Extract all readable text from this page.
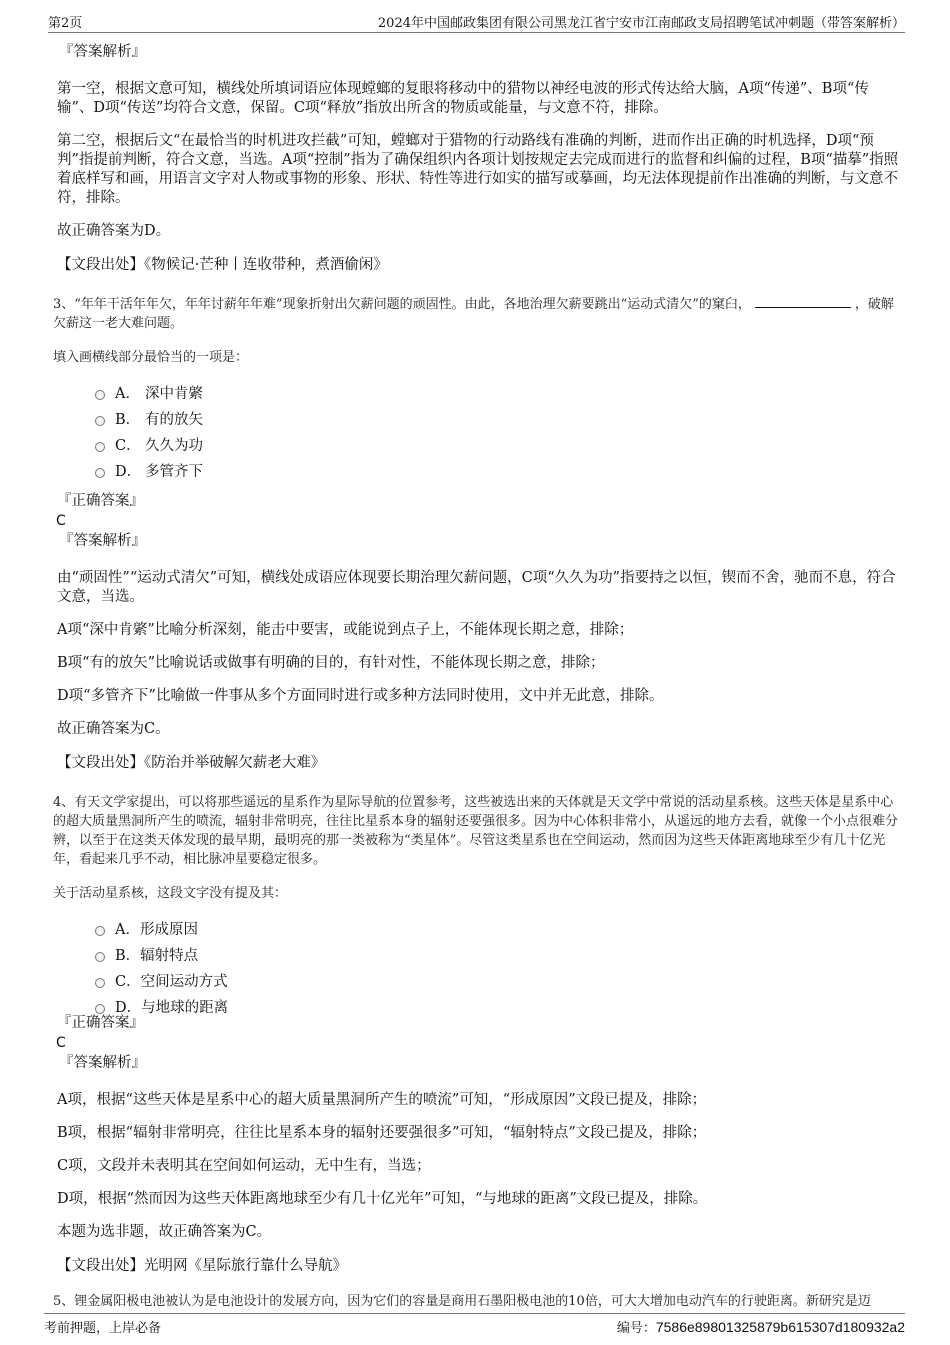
第2页	2024年中国邮政集团有限公司黑龙江省宁安市江南邮政支局招聘笔试冲刺题（带答案解析）
『答案解析』

第一空，根据文意可知，横线处所填词语应体现螳螂的复眼将移动中的猎物以神经电波的形式传达给大脑，A项“传递”、B项“传输”、D项“传送”均符合文意，保留。C项“释放”指放出所含的物质或能量，与文意不符，排除。

第二空，根据后文“在最恰当的时机进攻拦截”可知，螳螂对于猎物的行动路线有准确的判断，进而作出正确的时机选择，D项“预判”指提前判断，符合文意，当选。A项“控制”指为了确保组织内各项计划按规定去完成而进行的监督和纠偏的过程，B项“描摹”指照着底样写和画，用语言文字对人物或事物的形象、形状、特性等进行如实的描写或摹画，均无法体现提前作出准确的判断，与文意不符，排除。

故正确答案为D。

【文段出处】《物候记·芒种丨连收带种，煮酒偷闲》

3、“年年干活年年欠，年年讨薪年年难”现象折射出欠薪问题的顽固性。由此，各地治理欠薪要跳出“运动式清欠”的窠臼，	，破解欠薪这一老大难问题。

填入画横线部分最恰当的一项是：

A． 深中肯綮
B． 有的放矢
C． 久久为功
D． 多管齐下
『正确答案』
C
『答案解析』

由“顽固性”“运动式清欠”可知，横线处成语应体现要长期治理欠薪问题，C项“久久为功”指要持之以恒，锲而不舍，驰而不息，符合文意，当选。

A项“深中肯綮”比喻分析深刻，能击中要害，或能说到点子上，不能体现长期之意，排除；

B项“有的放矢”比喻说话或做事有明确的目的，有针对性，不能体现长期之意，排除；

D项“多管齐下”比喻做一件事从多个方面同时进行或多种方法同时使用，文中并无此意，排除。

故正确答案为C。

【文段出处】《防治并举破解欠薪老大难》

4、有天文学家提出，可以将那些遥远的星系作为星际导航的位置参考，这些被选出来的天体就是天文学中常说的活动星系核。这些天体是星系中心的超大质量黑洞所产生的喷流，辐射非常明亮，往往比星系本身的辐射还要强很多。因为中心体积非常小，从遥远的地方去看，就像一个小点很难分辨，以至于在这类天体发现的最早期，最明亮的那一类被称为“类星体”。尽管这类星系也在空间运动，然而因为这些天体距离地球至少有几十亿光年，看起来几乎不动，相比脉冲星要稳定很多。

关于活动星系核，这段文字没有提及其：

A．形成原因
B．辐射特点
C．空间运动方式
D．与地球的距离
『正确答案』
C
『答案解析』

A项，根据“这些天体是星系中心的超大质量黑洞所产生的喷流”可知，“形成原因”文段已提及，排除；

B项，根据“辐射非常明亮，往往比星系本身的辐射还要强很多”可知，“辐射特点”文段已提及，排除；

C项，文段并未表明其在空间如何运动，无中生有，当选；

D项，根据“然而因为这些天体距离地球至少有几十亿光年”可知，“与地球的距离”文段已提及，排除。

本题为选非题，故正确答案为C。

【文段出处】光明网《星际旅行靠什么导航》

5、锂金属阳极电池被认为是电池设计的发展方向，因为它们的容量是商用石墨阳极电池的10倍，可大大增加电动汽车的行驶距离。新研究是迈

考前押题，上岸必备	编号：7586e89801325879b615307d180932a2
